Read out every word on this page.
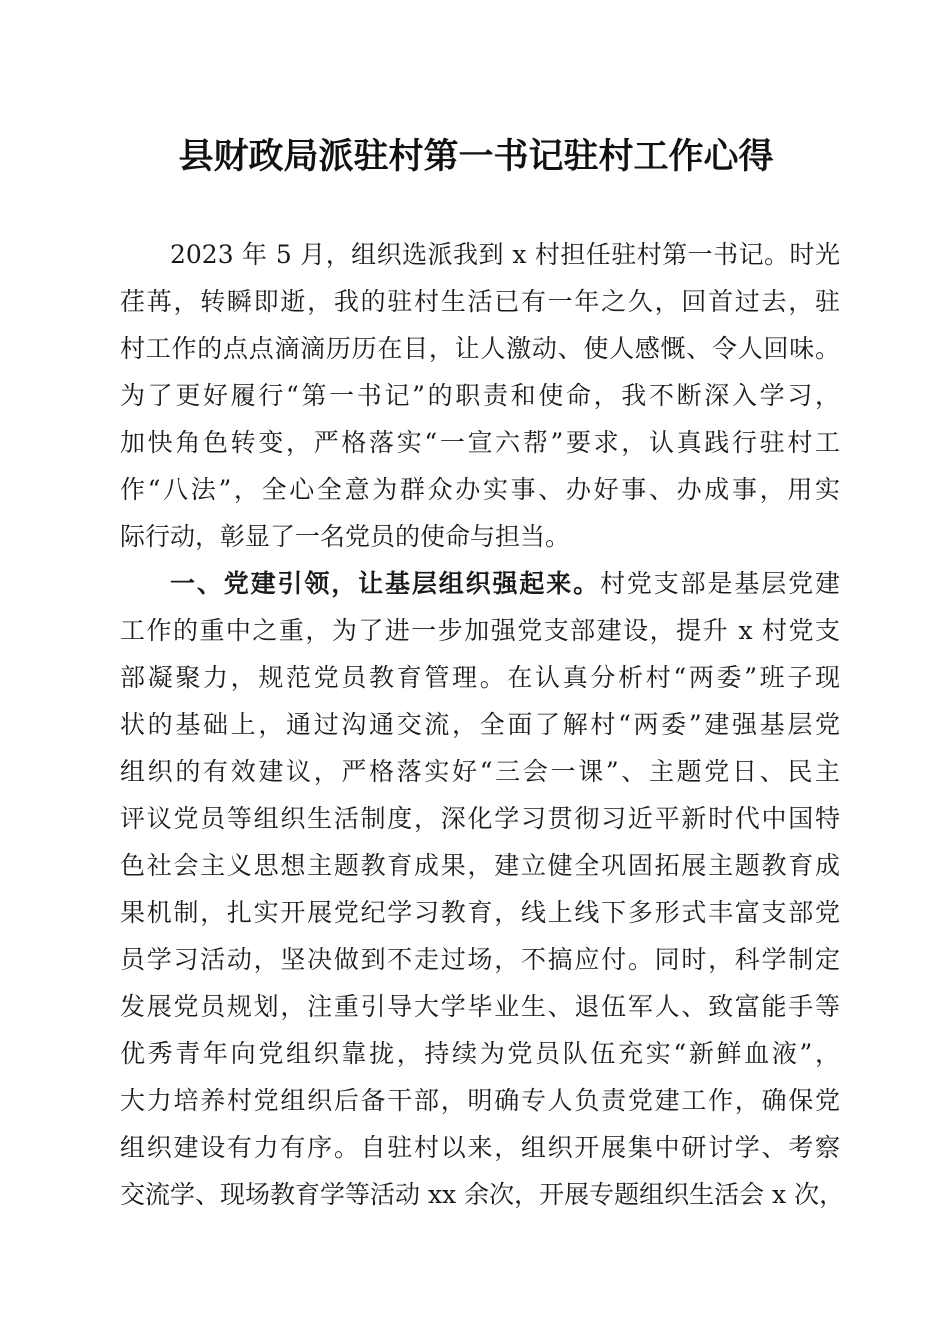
县财政局派驻村第一书记驻村工作心得
2023 年 5 月，组织选派我到 x 村担任驻村第一书记。时光
荏苒，转瞬即逝，我的驻村生活已有一年之久，回首过去，驻
村工作的点点滴滴历历在目，让人激动、使人感慨、令人回味。
为了更好履行“第一书记”的职责和使命，我不断深入学习，
加快角色转变，严格落实“一宣六帮”要求，认真践行驻村工
作“八法”，全心全意为群众办实事、办好事、办成事，用实
际行动，彰显了一名党员的使命与担当。
一、党建引领，让基层组织强起来。村党支部是基层党建
工作的重中之重，为了进一步加强党支部建设，提升 x 村党支
部凝聚力，规范党员教育管理。在认真分析村“两委”班子现
状的基础上，通过沟通交流，全面了解村“两委”建强基层党
组织的有效建议，严格落实好“三会一课”、主题党日、民主
评议党员等组织生活制度，深化学习贯彻习近平新时代中国特
色社会主义思想主题教育成果，建立健全巩固拓展主题教育成
果机制，扎实开展党纪学习教育，线上线下多形式丰富支部党
员学习活动，坚决做到不走过场，不搞应付。同时，科学制定
发展党员规划，注重引导大学毕业生、退伍军人、致富能手等
优秀青年向党组织靠拢，持续为党员队伍充实“新鲜血液”，
大力培养村党组织后备干部，明确专人负责党建工作，确保党
组织建设有力有序。自驻村以来，组织开展集中研讨学、考察
交流学、现场教育学等活动 xx 余次，开展专题组织生活会 x 次，
